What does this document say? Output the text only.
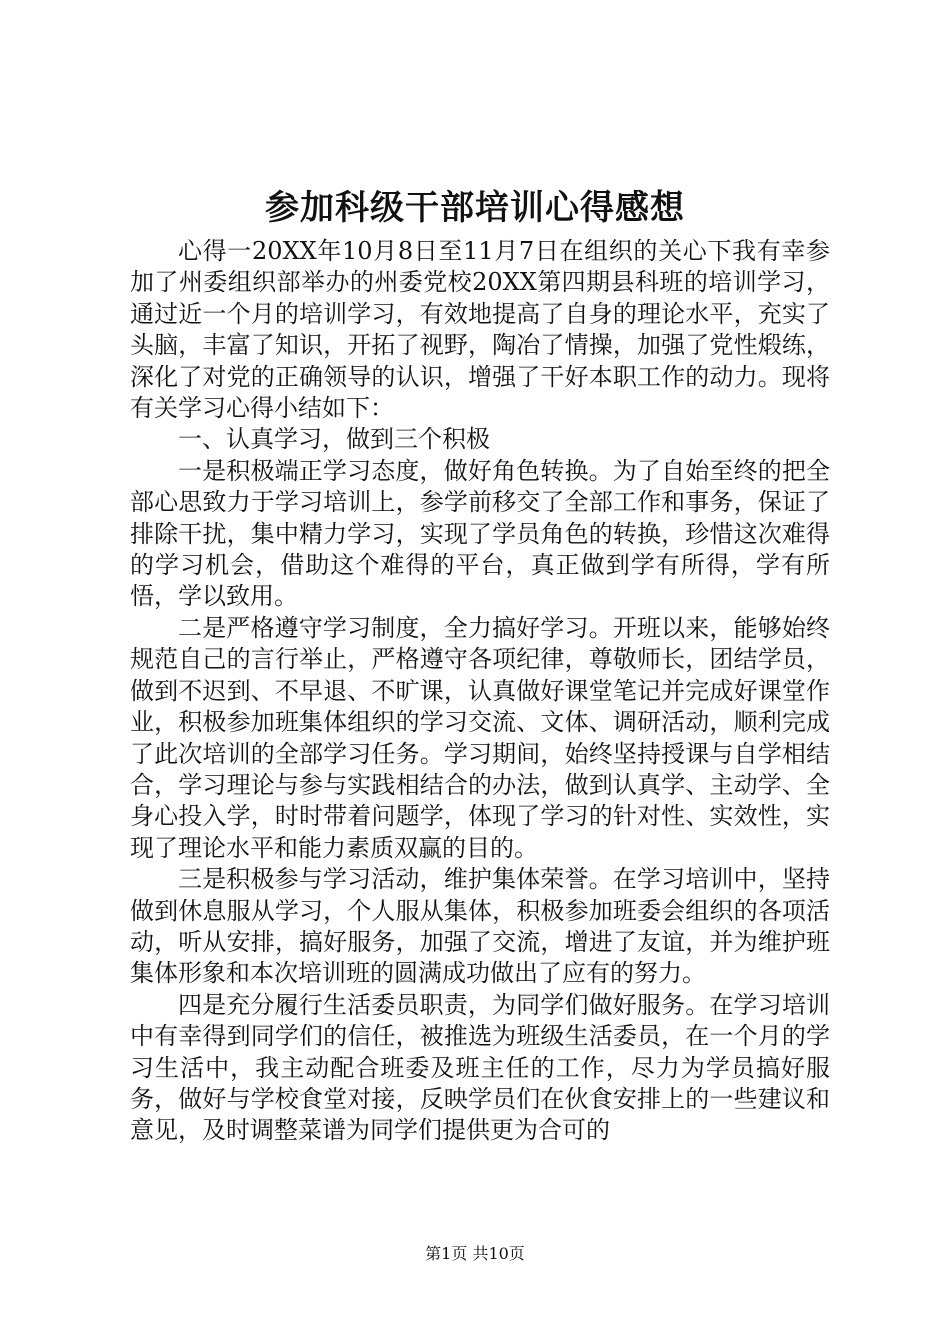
参加科级干部培训心得感想

心得一20XX年10月8日至11月7日在组织的关心下我有幸参加了州委组织部举办的州委党校20XX第四期县科班的培训学习，通过近一个月的培训学习，有效地提高了自身的理论水平，充实了头脑，丰富了知识，开拓了视野，陶冶了情操，加强了党性煅练，深化了对党的正确领导的认识，增强了干好本职工作的动力。现将有关学习心得小结如下：

一、认真学习，做到三个积极

一是积极端正学习态度，做好角色转换。为了自始至终的把全部心思致力于学习培训上，参学前移交了全部工作和事务，保证了排除干扰，集中精力学习，实现了学员角色的转换，珍惜这次难得的学习机会，借助这个难得的平台，真正做到学有所得，学有所悟，学以致用。

二是严格遵守学习制度，全力搞好学习。开班以来，能够始终规范自己的言行举止，严格遵守各项纪律，尊敬师长，团结学员，做到不迟到、不早退、不旷课，认真做好课堂笔记并完成好课堂作业，积极参加班集体组织的学习交流、文体、调研活动，顺利完成了此次培训的全部学习任务。学习期间，始终坚持授课与自学相结合，学习理论与参与实践相结合的办法，做到认真学、主动学、全身心投入学，时时带着问题学，体现了学习的针对性、实效性，实现了理论水平和能力素质双赢的目的。

三是积极参与学习活动，维护集体荣誉。在学习培训中，坚持做到休息服从学习，个人服从集体，积极参加班委会组织的各项活动，听从安排，搞好服务，加强了交流，增进了友谊，并为维护班集体形象和本次培训班的圆满成功做出了应有的努力。

四是充分履行生活委员职责，为同学们做好服务。在学习培训中有幸得到同学们的信任，被推选为班级生活委员，在一个月的学习生活中，我主动配合班委及班主任的工作，尽力为学员搞好服务，做好与学校食堂对接，反映学员们在伙食安排上的一些建议和意见，及时调整菜谱为同学们提供更为合可的

第1页 共10页
